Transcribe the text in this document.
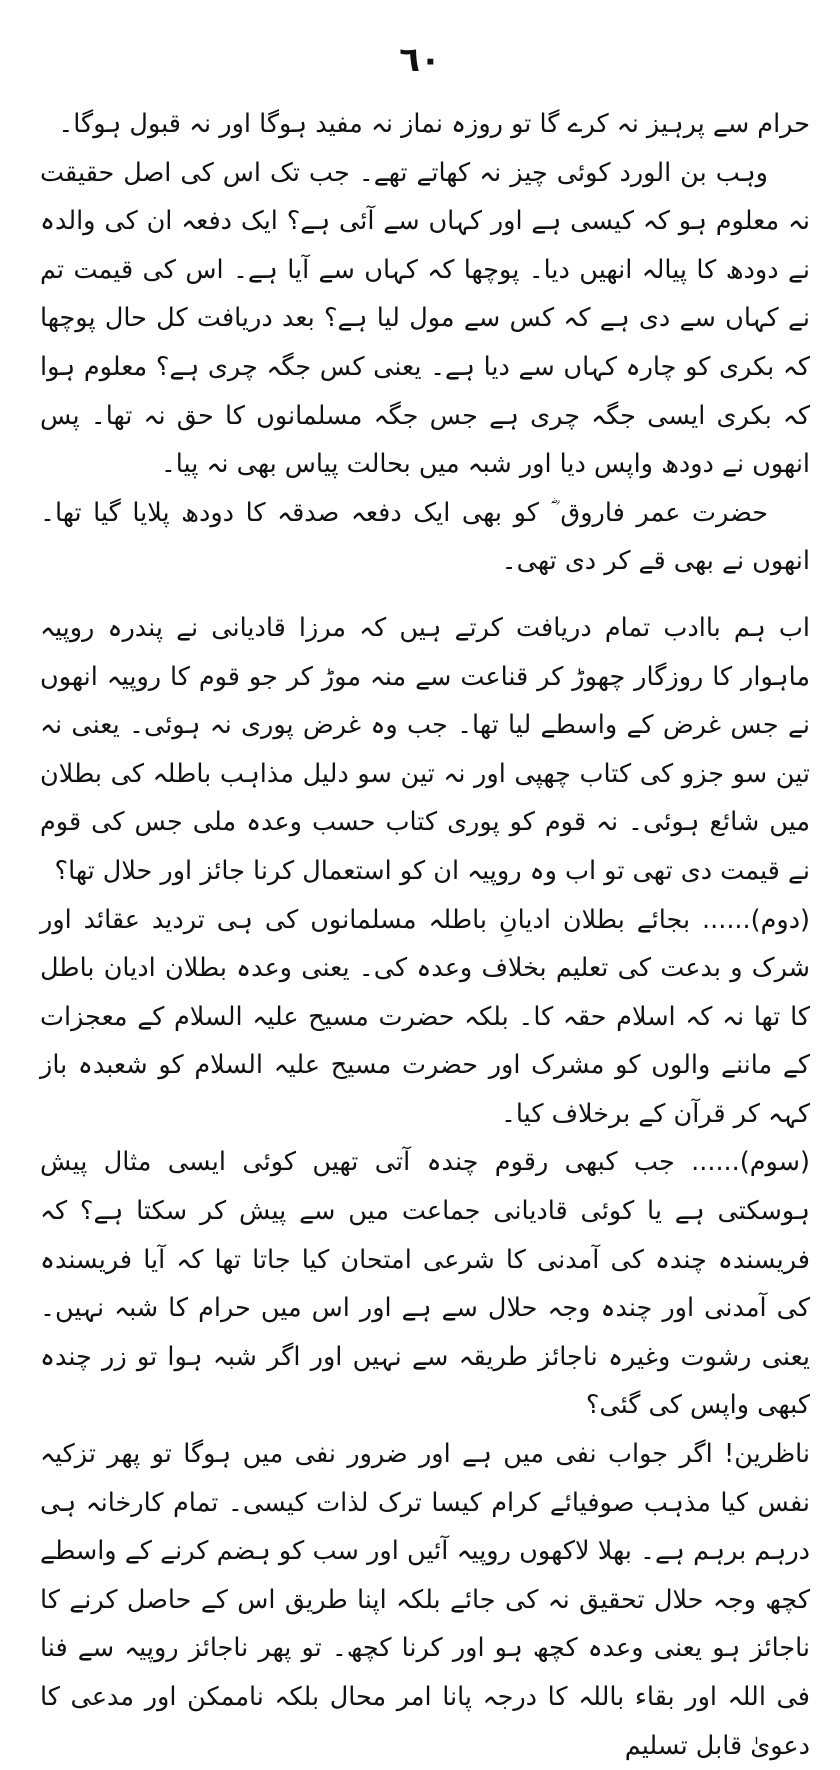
٦٠

حرام سے پرہیز نہ کرے گا تو روزہ نماز نہ مفید ہوگا اور نہ قبول ہوگا۔

وہب بن الورد کوئی چیز نہ کھاتے تھے۔ جب تک اس کی اصل حقیقت نہ معلوم ہو کہ کیسی ہے اور کہاں سے آئی ہے؟ ایک دفعہ ان کی والدہ نے دودھ کا پیالہ انھیں دیا۔ پوچھا کہ کہاں سے آیا ہے۔ اس کی قیمت تم نے کہاں سے دی ہے کہ کس سے مول لیا ہے؟ بعد دریافت کل حال پوچھا کہ بکری کو چارہ کہاں سے دیا ہے۔ یعنی کس جگہ چری ہے؟ معلوم ہوا کہ بکری ایسی جگہ چری ہے جس جگہ مسلمانوں کا حق نہ تھا۔ پس انھوں نے دودھ واپس دیا اور شبہ میں بحالت پیاس بھی نہ پیا۔

حضرت عمر فاروق ؓ کو بھی ایک دفعہ صدقہ کا دودھ پلایا گیا تھا۔ انھوں نے بھی قے کر دی تھی۔

اب ہم باادب تمام دریافت کرتے ہیں کہ مرزا قادیانی نے پندرہ روپیہ ماہوار کا روزگار چھوڑ کر قناعت سے منہ موڑ کر جو قوم کا روپیہ انھوں نے جس غرض کے واسطے لیا تھا۔ جب وہ غرض پوری نہ ہوئی۔ یعنی نہ تین سو جزو کی کتاب چھپی اور نہ تین سو دلیل مذاہب باطلہ کی بطلان میں شائع ہوئی۔ نہ قوم کو پوری کتاب حسب وعدہ ملی جس کی قوم نے قیمت دی تھی تو اب وہ روپیہ ان کو استعمال کرنا جائز اور حلال تھا؟

(دوم)...... بجائے بطلان ادیانِ باطلہ مسلمانوں کی ہی تردید عقائد اور شرک و بدعت کی تعلیم بخلاف وعدہ کی۔ یعنی وعدہ بطلان ادیان باطل کا تھا نہ کہ اسلام حقہ کا۔ بلکہ حضرت مسیح علیہ السلام کے معجزات کے ماننے والوں کو مشرک اور حضرت مسیح علیہ السلام کو شعبدہ باز کہہ کر قرآن کے برخلاف کیا۔

(سوم)...... جب کبھی رقوم چندہ آتی تھیں کوئی ایسی مثال پیش ہوسکتی ہے یا کوئی قادیانی جماعت میں سے پیش کر سکتا ہے؟ کہ فریسندہ چندہ کی آمدنی کا شرعی امتحان کیا جاتا تھا کہ آیا فریسندہ کی آمدنی اور چندہ وجہ حلال سے ہے اور اس میں حرام کا شبہ نہیں۔ یعنی رشوت وغیرہ ناجائز طریقہ سے نہیں اور اگر شبہ ہوا تو زر چندہ کبھی واپس کی گئی؟

ناظرین! اگر جواب نفی میں ہے اور ضرور نفی میں ہوگا تو پھر تزکیہ نفس کیا مذہب صوفیائے کرام کیسا ترک لذات کیسی۔ تمام کارخانہ ہی درہم برہم ہے۔ بھلا لاکھوں روپیہ آئیں اور سب کو ہضم کرنے کے واسطے کچھ وجہ حلال تحقیق نہ کی جائے بلکہ اپنا طریق اس کے حاصل کرنے کا ناجائز ہو یعنی وعدہ کچھ ہو اور کرنا کچھ۔ تو پھر ناجائز روپیہ سے فنا فی اللہ اور بقاء باللہ کا درجہ پانا امر محال بلکہ ناممکن اور مدعی کا دعویٰ قابل تسلیم
